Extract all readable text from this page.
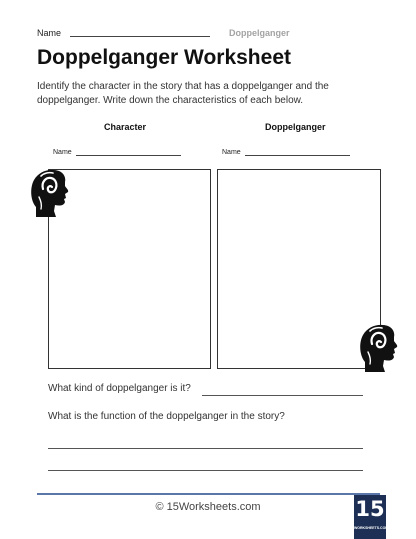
Name	Doppelganger
Doppelganger Worksheet
Identify the character in the story that has a doppelganger and the doppelganger. Write down the characteristics of each below.
Character	Doppelganger
Name	Name
What kind of doppelganger is it?
What is the function of the doppelganger in the story?
© 15Worksheets.com	15
WORKSHEETS.COM
